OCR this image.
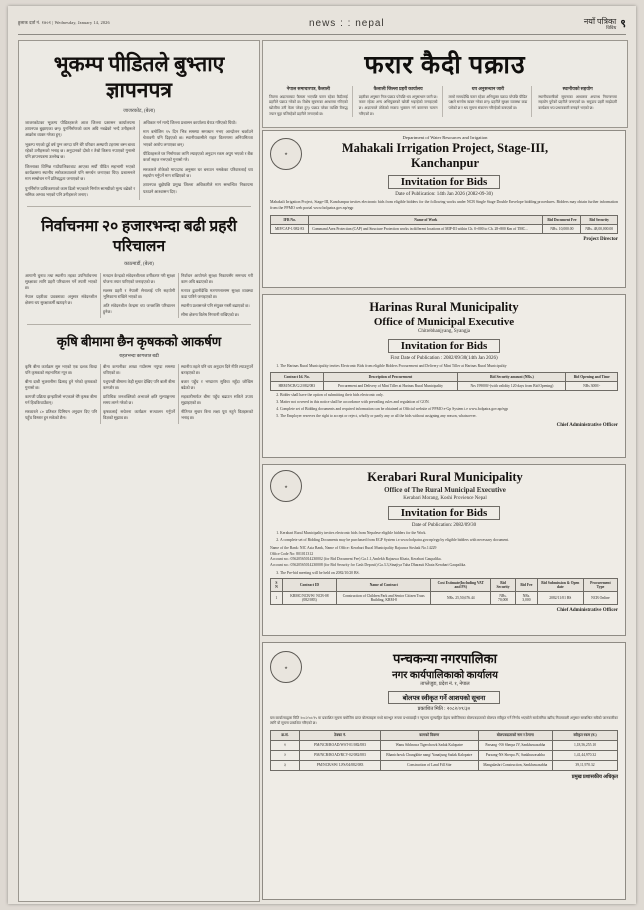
हुलाक दर्ता नं. १४०१ | Wednesday, January 14, 2026	news : : nepal	नयाँ पत्रिका
विविध ९
भूकम्प पीडितले बुभ्ताए ज्ञापनपत्र
जाजरकोट, (बेला)

जाजरकोटका भूकम्प पीडितहरूले आज जिल्ला प्रशासन कार्यालयमा ज्ञापनपत्र बुझाएका छन्। पुनर्निर्माणको काम अघि नबढेको भन्दै उनीहरूले आक्रोश व्यक्त गरेका हुन्।

भूकम्प गएको दुई वर्ष पुग्न लाग्दा पनि धेरै परिवार अस्थायी टहरामा बस्न बाध्य रहेको उनीहरूको भनाइ छ। अनुदानको दोस्रो र तेस्रो किस्ता नपाएको गुनासो पनि ज्ञापनपत्रमा उल्लेख छ।

जिल्लाका विभिन्न गाउँपालिकाबाट आएका सयौं पीडित सहभागी भएको कार्यक्रममा स्थानीय सरोकारवालाले पनि समर्थन जनाएका थिए। प्रशासनले माग सम्बोधन गर्ने प्रतिबद्धता जनाएको छ।

पुनर्निर्माण प्राधिकरणको काम ढिलो भएकाले निर्माण सामग्रीको मूल्य बढेको र श्रमिक अभाव भएको पनि उनीहरूले जनाए।

अधिकार गर्न माग्दै जिल्ला प्रशासन कार्यालय घेराउ गरिएको थियो।

माग बमोजिम १५ दिन भित्र समस्या समाधान नभए आन्दोलन चर्काउने चेतावनी पनि दिइएको छ। स्थानीयवासीले राहत वितरणमा अनियमितता भएको आरोप लगाएका छन्।

पीडितहरूले घर निर्माणका लागि ल्याइएको अनुदान रकम अपुग भएको र बैंक कर्जा सहज नभएको गुनासो गरे।

सरकारले तोकेको मापदण्ड अनुसार घर बनाउन नसकेका परिवारलाई थप सहयोग गर्नुपर्ने माग राखिएको छ।

ज्ञापनपत्र बुझेपछि प्रमुख जिल्ला अधिकारीले माग सम्बन्धित निकायमा पठाउने आश्वासन दिए।

निर्वाचनमा २० हजारभन्दा बढी प्रहरी परिचालन
काठमाडौं, (बेला)

आगामी चुनाव तथा स्थानीय तहका उपनिर्वाचनमा सुरक्षाका लागि प्रहरी परिचालन गर्ने तयारी भएको छ।

नेपाल प्रहरीका प्रवक्ताका अनुसार संवेदनशील क्षेत्रमा थप सुरक्षाकर्मी खटाइने छ।

मतदान केन्द्रको संवेदनशीलता वर्गीकरण गरी सुरक्षा योजना तयार पारिएको जनाइएको छ।

सशस्त्र प्रहरी र नेपाली सेनालाई पनि सहयोगी भूमिकामा राखिने भएको छ।

अति संवेदनशील केन्द्रमा थप जनशक्ति परिचालन हुनेछ।

निर्वाचन आयोगले सुरक्षा निकायसँग समन्वय गरी काम अघि बढाएको छ।

मतपत्र ढुवानीदेखि मतगणनासम्म सुरक्षा व्यवस्था कडा पारिने जनाइएको छ।

स्थानीय प्रशासनले पनि संयुक्त गस्ती बढाएको छ।

सीमा क्षेत्रमा विशेष निगरानी राखिएको छ।

कृषि बीमामा छैन कृषकको आकर्षण
राहतभन्दा कागजात बढी

कृषि बीमा कार्यक्रम सुरु भएको एक दशक बित्दा पनि कृषकको सहभागिता न्यून छ।

बीमा दाबी भुक्तानीमा ढिलाइ हुने गरेको कृषकको गुनासो छ।

कागजी प्रक्रिया झन्झटिलो भएकाले धेरै कृषक बीमा गर्न हिचकिचाउँछन्।

सरकारले ८० प्रतिशत प्रिमियम अनुदान दिए पनि पहुँच विस्तार हुन सकेको छैन।

बीमा कम्पनीका शाखा गाउँसम्म नपुग्दा समस्या थपिएको छ।

पशुपन्छी बीमामा केही सुधार देखिए पनि बाली बीमा कमजोर छ।

प्राविधिक जनशक्तिको अभावले क्षति मूल्याङ्कनमा समय लाग्ने गरेको छ।

कृषकलाई सचेतना कार्यक्रम सञ्चालन गर्नुपर्ने विज्ञको सुझाव छ।

स्थानीय तहले पनि थप अनुदान दिने नीति ल्याउनुपर्ने बताइएको छ।

बजार पहुँच र भण्डारण सुविधा नहुँदा जोखिम बढेको छ।

सहकारीमार्फत बीमा पहुँच बढाउन सकिने उपाय सुझाइएको छ।

नीतिगत सुधार बिना लक्ष्य पूरा नहुने विज्ञहरूको भनाइ छ।

फरार कैदी पक्राउ
नेपाल समाचारपत्र, कैलाली
जिल्ला अदालतबाट फैसला भएपछि फरार रहेका कैदीलाई प्रहरीले पक्राउ गरेको छ। विशेष सूचनाका आधारमा गरिएको खोजीमा उनी फेला परेका हुन्। पक्राउ परेका व्यक्ति विरुद्ध ज्यान मुद्दा चलिरहेको प्रहरीले जनाएको छ।
कैलाली जिल्ला प्रहरी कार्यालय
प्रहरीका अनुसार निज पक्राउ परेपछि थप अनुसन्धान जारी छ। फरार रहेका अन्य अभियुक्तको खोजी भइरहेको जनाइएको छ। अदालतले तोकेको सजाय भुक्तान गर्न कारागार चलान गरिएको छ।
थप अनुसन्धान जारी
लामो समयदेखि फरार रहेका अभियुक्त पक्राउ परेपछि पीडित पक्षले सन्तोष व्यक्त गरेका छन्। प्रहरीले सुरक्षा व्यवस्था कडा पारेको छ र थप सूचना संकलन गरिरहेको बताएको छ।
स्थानीयको सहयोग
स्थानीयवासीको सूचनाका आधारमा अपराध नियन्त्रणमा सहयोग पुगेको प्रहरीले जनाएको छ। समुदाय प्रहरी साझेदारी कार्यक्रम थप प्रभावकारी बनाइने भएको छ।
★
Department of Water Resources and Irrigation
Mahakali Irrigation Project, Stage-III, Kanchanpur
Invitation for Bids
Date of Publication: 14th Jan 2026 (2082-09-30)

Mahakali Irrigation Project, Stage-III, Kanchanpur invites electronic bids from eligible bidders for the following works under NCB Single Stage Double Envelope bidding procedures. Bidders may obtain further information from the PPMO web portal www.bolpatra.gov.np/egp

IFB No.	Name of Work	Bid Document Fee	Bid Security
MIP/CAP-1/082-83	Command Area Protection (CAP) and Structure Protection works in different locations of MIP-III within Ch. 0+000 to Ch. 28+800 Km of TMC...	NRs. 10,000.00	NRs. 48,00,000.00
Project Director
Harinas Rural Municipality
Office of Municipal Executive
Chitrebhanjyang, Syangja
Invitation for Bids
First Date of Publication : 2082/09/30(14th Jan 2026)
1. The Harinas Rural Municipality invites Electronic Bids from eligible Bidders Procurement and Delivery of Mini Tiller at Harinas Rural Municipality
Contract Id. No.	Description of Procurement	Bid Security amount (NRs.)	Bid Opening and Time
HRM/NCB/G/2/082/083	Procurement and Delivery of Mini Tiller at Harinas Rural Municipality	Nrs 199000/-(with validity 120 days from Bid Opening)	NRs 3000/-
2. Bidder shall have the option of submitting their bids electronic only.
3. Matter not covered in this notice shall be accordance with prevailing rules and regulation of GON.
4. Complete set of Bidding documents and required information can be obtained at Official website of PPMO e-Gp System i.e www.bolpatra.gov.np/egp
5. The Employer reserves the right to accept or reject, wholly or partly any or all the bids without assigning any reason, whatsoever.
Chief Administrative Officer
★
Kerabari Rural Municipality
Office of The Rural Municipal Executive
Kerabari Morang, Koshi Provience Nepal
Invitation for Bids
Date of Publication: 2082/09/30
1. Kerabari Rural Municipality invites electronic bids from Nepalese eligible bidders for the Work.
2. A complete set of Bidding Documents may be purchased from EGP System i.e.www.bolpatra.gov.np/egp by eligible bidders with necessary document.

Name of the Bank: NIC Asia Bank, Name of Office: Kerabari Rural Municipality Rajauwa Sirshak No.14229

Office Code No: 801011312

Account no.: 05620565014230002 (for Bid Document Fee) Ga.1.1,Amlekh Rajauwa Khata, Kerabari Gaupalika.

Account no.: 05620565014230008 (for Bid Security for Cash Deposit) Ga.3.3,Sinajiya Taha Dharauti Khata Kerabari Gaupalika.

3. The Pre-bid meeting will be held on 2082/10/20 BS.
S N	Contract ID	Name of Contract	Cost Estimate(Including VAT and PS)	Bid Security	Bid Fee	Bid Submission & Open date	Procurement Type
1	KRMC/NCB/W/ NCB-08 (082/083)	Construction of Children Park and Senior Citizen Truss Building, KRM-8	NRs. 25,50,676.44	NRs. 70,000	NRs. 3,000	2082/11/01 BS	NCB Online
Chief Administrative Officer
★
पन्चकन्या नगरपालिका
नगर कार्यपालिकाको कार्यालय
ताप्लेजुङ, प्रदेश नं. १, नेपाल
बोलपत्र स्वीकृत गर्ने आशयको सूचना
प्रकाशित मिति : २०८२/०९/३०

यस कार्यालयद्वारा मिति २०८२/०८/१५ मा प्रकाशित सूचना बमोजिम प्राप्त बोलपत्रहरू मध्ये सारभूत रूपमा प्रभावग्राही र न्यूनतम मूल्याङ्कित देहाय बमोजिमका बोलपत्रदाताको बोलपत्र स्वीकृत गर्ने निर्णय भएकोले सार्वजनिक खरिद नियमावली अनुसार सम्बन्धित सबैको जानकारीका लागि यो सूचना प्रकाशित गरिएको छ।

क्र.सं.	ठेक्का नं.	कामको विवरण	बोलपत्रदाताको नाम र ठेगाना	स्वीकृत रकम (रु.)
१	PM/NCB/ROAD/WST-01/082/083	Wanu Sibhrawa Tigerchowk Sadak Kalopatre	Parsang -NS Sherpa JV, Sankhuwasabha	1,18,56,255.10
२	PM/NCB/ROAD/RCV-02/082/083	Bhanichowk Chungkhte nang/ Yanaijung Sadak Kalopatre	Parsang-NS Sherpa JV, Sankhuwasabha	1,41,44,970.32
३	PM/NCB/SW/ LFS/04/082/083	Construction of Land Fill Site	Mangalashri Construction, Sankhuwasabha	39,11,970.32
प्रमुख प्रशासकीय अधिकृत
